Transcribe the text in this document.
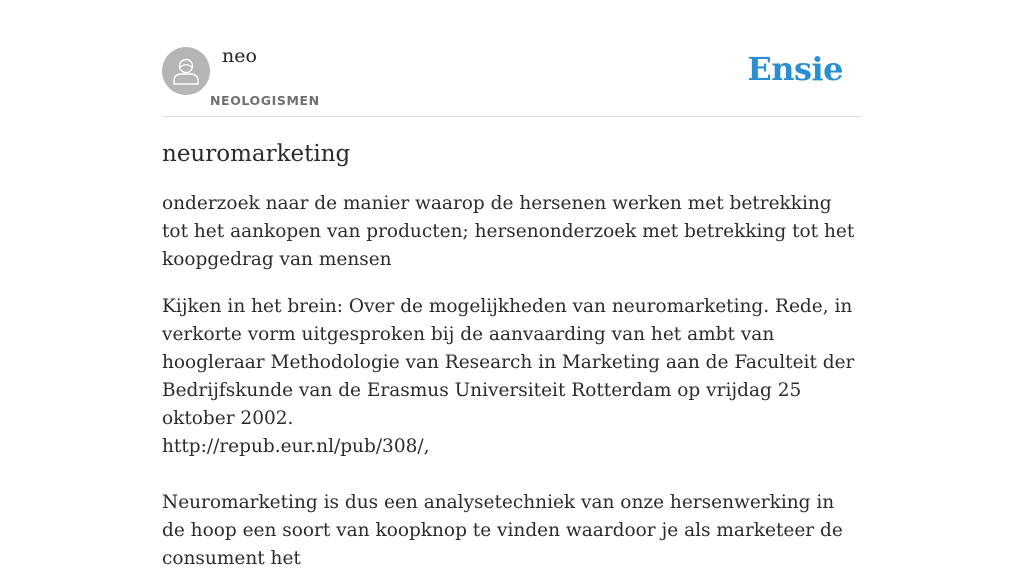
neo
NEOLOGISMEN
Ensie
neuromarketing

onderzoek naar de manier waarop de hersenen werken met betrekking tot het aankopen van producten; hersenonderzoek met betrekking tot het koopgedrag van mensen

Kijken in het brein: Over de mogelijkheden van neuromarketing. Rede, in verkorte vorm uitgesproken bij de aanvaarding van het ambt van hoogleraar Methodologie van Research in Marketing aan de Faculteit der Bedrijfskunde van de Erasmus Universiteit Rotterdam op vrijdag 25 oktober 2002.
http://repub.eur.nl/pub/308/,

Neuromarketing is dus een analysetechniek van onze hersenwerking in de hoop een soort van koopknop te vinden waardoor je als marketeer de consument het
